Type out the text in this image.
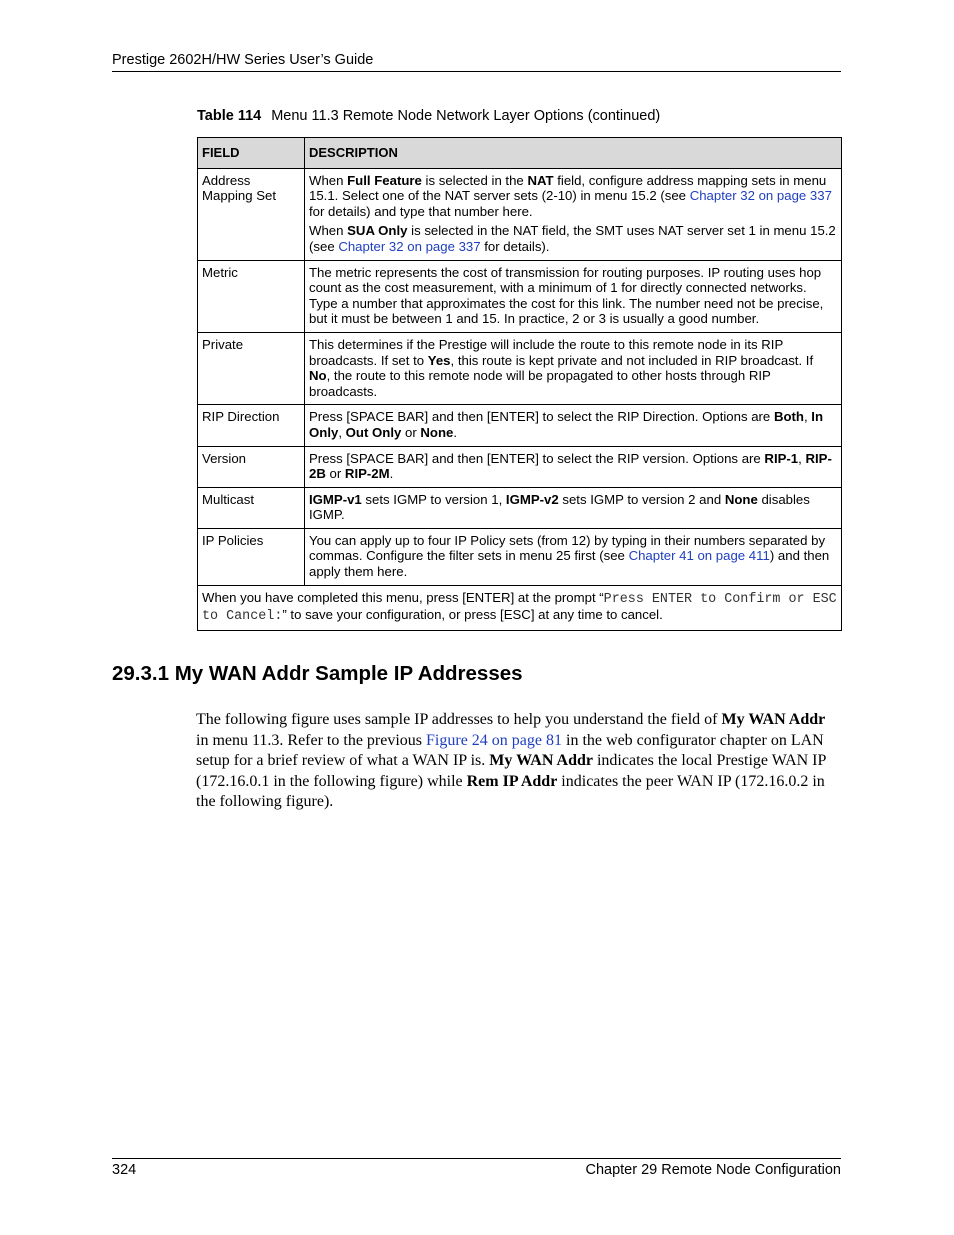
Prestige 2602H/HW Series User’s Guide
Table 114 Menu 11.3 Remote Node Network Layer Options (continued)
FIELD	DESCRIPTION
Address Mapping Set	When Full Feature is selected in the NAT field, configure address mapping sets in menu 15.1. Select one of the NAT server sets (2-10) in menu 15.2 (see Chapter 32 on page 337 for details) and type that number here.

When SUA Only is selected in the NAT field, the SMT uses NAT server set 1 in menu 15.2 (see Chapter 32 on page 337 for details).

Metric	The metric represents the cost of transmission for routing purposes. IP routing uses hop count as the cost measurement, with a minimum of 1 for directly connected networks. Type a number that approximates the cost for this link. The number need not be precise, but it must be between 1 and 15. In practice, 2 or 3 is usually a good number.
Private	This determines if the Prestige will include the route to this remote node in its RIP broadcasts. If set to Yes, this route is kept private and not included in RIP broadcast. If No, the route to this remote node will be propagated to other hosts through RIP broadcasts.
RIP Direction	Press [SPACE BAR] and then [ENTER] to select the RIP Direction. Options are Both, In Only, Out Only or None.
Version	Press [SPACE BAR] and then [ENTER] to select the RIP version. Options are RIP-1, RIP-2B or RIP-2M.
Multicast	IGMP-v1 sets IGMP to version 1, IGMP-v2 sets IGMP to version 2 and None disables IGMP.
IP Policies	You can apply up to four IP Policy sets (from 12) by typing in their numbers separated by commas. Configure the filter sets in menu 25 first (see Chapter 41 on page 411) and then apply them here.
When you have completed this menu, press [ENTER] at the prompt “Press ENTER to Confirm or ESC to Cancel:” to save your configuration, or press [ESC] at any time to cancel.	
29.3.1 My WAN Addr Sample IP Addresses
The following figure uses sample IP addresses to help you understand the field of My WAN Addr in menu 11.3. Refer to the previous Figure 24 on page 81 in the web configurator chapter on LAN setup for a brief review of what a WAN IP is. My WAN Addr indicates the local Prestige WAN IP (172.16.0.1 in the following figure) while Rem IP Addr indicates the peer WAN IP (172.16.0.2 in the following figure).
324	Chapter 29 Remote Node Configuration
